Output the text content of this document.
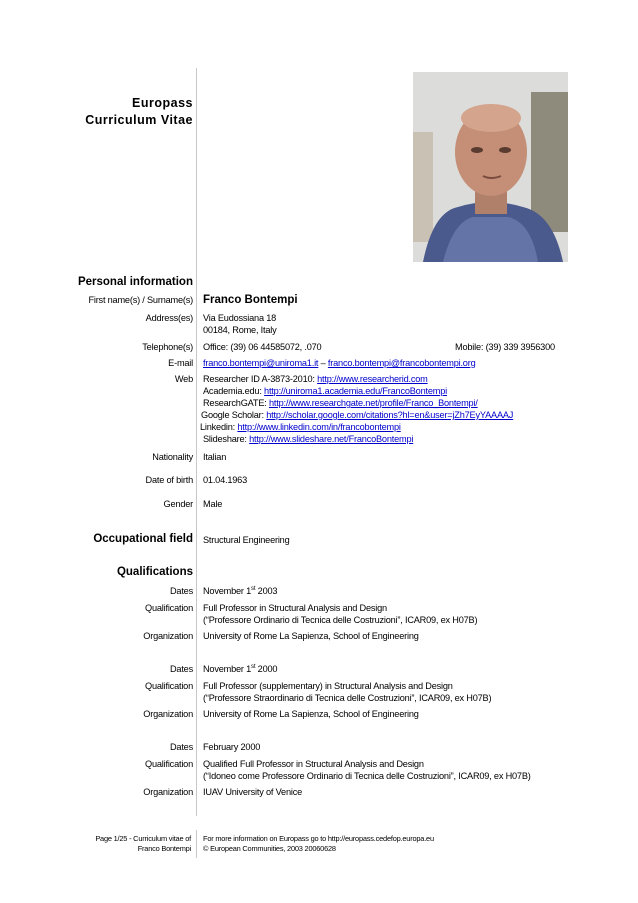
Europass
Curriculum Vitae
Personal information
First name(s) / Surname(s) Franco Bontempi
Address(es) Via Eudossiana 18
00184, Rome, Italy
Telephone(s) Office: (39) 06 44585072, .070	Mobile: (39) 339 3956300
E-mail franco.bontempi@uniroma1.it – franco.bontempi@francobontempi.org
Web Researcher ID A-3873-2010: http://www.researcherid.com
Academia.edu: http://uniroma1.academia.edu/FrancoBontempi
ResearchGATE: http://www.researchgate.net/profile/Franco_Bontempi/
Google Scholar: http://scholar.google.com/citations?hl=en&user=jZh7EyYAAAAJ
Linkedin: http://www.linkedin.com/in/francobontempi
Slideshare: http://www.slideshare.net/FrancoBontempi
Nationality Italian
Date of birth 01.04.1963
Gender Male
Occupational field Structural Engineering
Qualifications
Dates November 1st 2003
Qualification Full Professor in Structural Analysis and Design
(“Professore Ordinario di Tecnica delle Costruzioni”, ICAR09, ex H07B)
Organization University of Rome La Sapienza, School of Engineering
Dates November 1st 2000
Qualification Full Professor (supplementary) in Structural Analysis and Design
(“Professore Straordinario di Tecnica delle Costruzioni”, ICAR09, ex H07B)
Organization University of Rome La Sapienza, School of Engineering
Dates February 2000
Qualification Qualified Full Professor in Structural Analysis and Design
(“Idoneo come Professore Ordinario di Tecnica delle Costruzioni”, ICAR09, ex H07B)
Organization IUAV University of Venice
Page 1/25 - Curriculum vitae of
Franco Bontempi
For more information on Europass go to http://europass.cedefop.europa.eu
© European Communities, 2003 20060628
